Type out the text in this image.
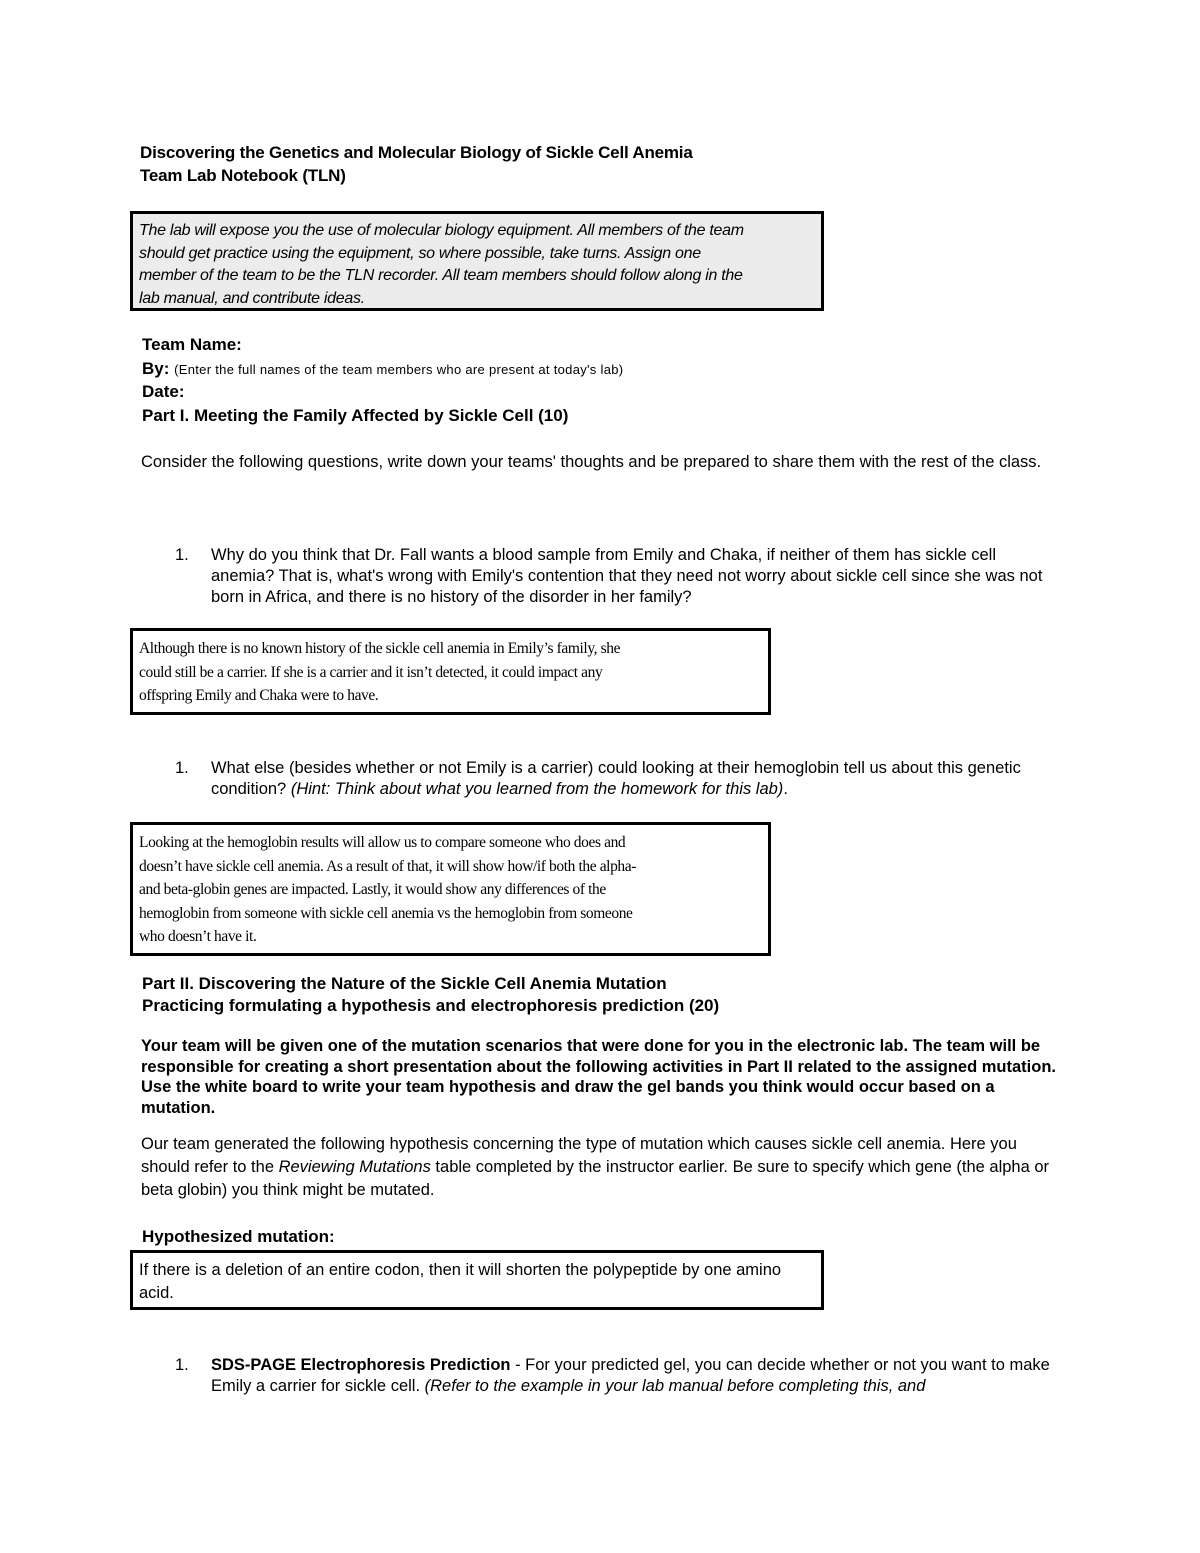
Discovering the Genetics and Molecular Biology of Sickle Cell Anemia
Team Lab Notebook (TLN)
The lab will expose you the use of molecular biology equipment. All members of the team
should get practice using the equipment, so where possible, take turns. Assign one
member of the team to be the TLN recorder. All team members should follow along in the
lab manual, and contribute ideas.
Team Name:
By: (Enter the full names of the team members who are present at today's lab)
Date:
Part I. Meeting the Family Affected by Sickle Cell (10)
Consider the following questions, write down your teams' thoughts and be prepared to share them with the rest of the class.
1. Why do you think that Dr. Fall wants a blood sample from Emily and Chaka, if neither of them has sickle cell anemia? That is, what's wrong with Emily's contention that they need not worry about sickle cell since she was not born in Africa, and there is no history of the disorder in her family?
Although there is no known history of the sickle cell anemia in Emily’s family, she
could still be a carrier. If she is a carrier and it isn’t detected, it could impact any
offspring Emily and Chaka were to have.
1. What else (besides whether or not Emily is a carrier) could looking at their hemoglobin tell us about this genetic condition? (Hint: Think about what you learned from the homework for this lab).
Looking at the hemoglobin results will allow us to compare someone who does and
doesn’t have sickle cell anemia. As a result of that, it will show how/if both the alpha-
and beta-globin genes are impacted. Lastly, it would show any differences of the
hemoglobin from someone with sickle cell anemia vs the hemoglobin from someone
who doesn’t have it.
Part II. Discovering the Nature of the Sickle Cell Anemia Mutation
Practicing formulating a hypothesis and electrophoresis prediction (20)
Your team will be given one of the mutation scenarios that were done for you in the electronic lab. The team will be responsible for creating a short presentation about the following activities in Part II related to the assigned mutation. Use the white board to write your team hypothesis and draw the gel bands you think would occur based on a mutation.
Our team generated the following hypothesis concerning the type of mutation which causes sickle cell anemia. Here you should refer to the Reviewing Mutations table completed by the instructor earlier. Be sure to specify which gene (the alpha or beta globin) you think might be mutated.
Hypothesized mutation:
If there is a deletion of an entire codon, then it will shorten the polypeptide by one amino acid.
1. SDS-PAGE Electrophoresis Prediction - For your predicted gel, you can decide whether or not you want to make Emily a carrier for sickle cell. (Refer to the example in your lab manual before completing this, and
